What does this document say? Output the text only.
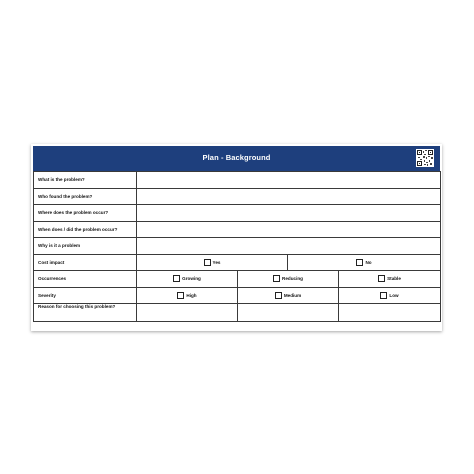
Plan - Background
What is the problem?				
Who found the problem?				
Where does the problem occur?				
When does / did the problem occur?				
Why is it a problem				
Cost impact	Yes		No	

Occurrences	Growing	Reducing		Stable

Severity	High	Medium		Low

Reason for choosing this problem?				
